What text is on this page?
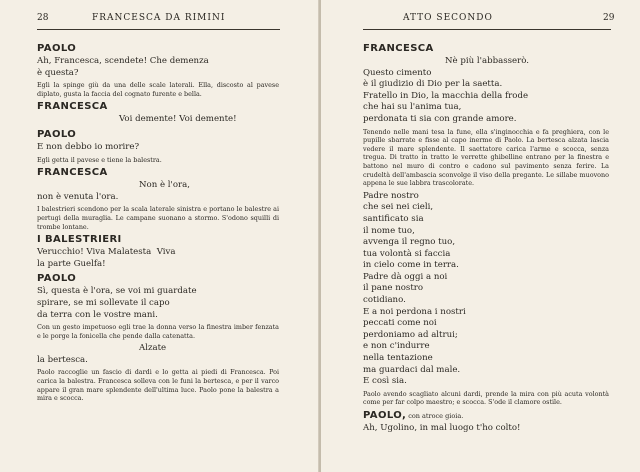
28	FRANCESCA DA RIMINI
PAOLO
Ah, Francesca, scendete! Che demenza
è questa?
Egli la spinge giù da una delle scale laterali. Ella, discosto al pavese diplato, gusta la faccia del cognato furente e bella.
FRANCESCA
Voi demente! Voi demente!
PAOLO
E non debbo io morire?
Egli getta il pavese e tiene la balestra.
FRANCESCA
Non è l'ora,
non è venuta l'ora.
I balestrieri scendono per la scala laterale sinistra e portano le balestre ai pertugi della muraglia. Le campane suonano a stormo. S'odono squilli di trombe lontane.
I BALESTRIERI
Verucchio! Viva Malatesta  Viva
la parte Guelfa!
PAOLO
Sì, questa è l'ora, se voi mi guardate
spirare, se mi sollevate il capo
da terra con le vostre mani.
Con un gesto impetuoso egli trae la donna verso la finestra imber fenzata e le porge la fonicella che pende dalla catenatta.
Alzate
la bertesca.
Paolo raccoglie un fascio di dardi e lo getta ai piedi di Francesca. Poi carica la balestra. Francesca solleva con le funi la bertesca, e per il varco appare il gran mare splendente dell'ultima luce. Paolo pone la balestra a mira e scocca.
ATTO SECONDO	29
FRANCESCA
Nè più l'abbasserò.
Questo cimento
è il giudizio di Dio per la saetta.
Fratello in Dio, la macchia della frode
che hai su l'anima tua,
perdonata ti sia con grande amore.
Tenendo nelle mani tesa la fune, ella s'inginocchia e fa preghiera, con le pupille sbarrate e fisse al capo inerme di Paolo. La bertesca alzata lascia vedere il mare splendente. Il saettatore carica l'arme e scocca, senza tregua. Di tratto in tratto le verrette ghibelline entrano per la finestra e battono nel muro di contro e cadono sul pavimento senza ferire. La crudeltà dell'ambascia sconvolge il viso della pregante. Le sillabe muovono appena le sue labbra trascolorate.
Padre nostro
che sei nei cieli,
santificato sia
il nome tuo,
avvenga il regno tuo,
tua volontà si faccia
in cielo come in terra.
Padre dà oggi a noi
il pane nostro
cotidiano.
E a noi perdona i nostri
peccati come noi
perdoniamo ad altrui;
e non c'indurre
nella tentazione
ma guardaci dal male.
E così sia.
Paolo avendo scagliato alcuni dardi, prende la mira con più acuta volontà come per far colpo maestro; e scocca. S'ode il clamore ostile.
PAOLO, con atroce gioia.
Ah, Ugolino, in mal luogo t'ho colto!
